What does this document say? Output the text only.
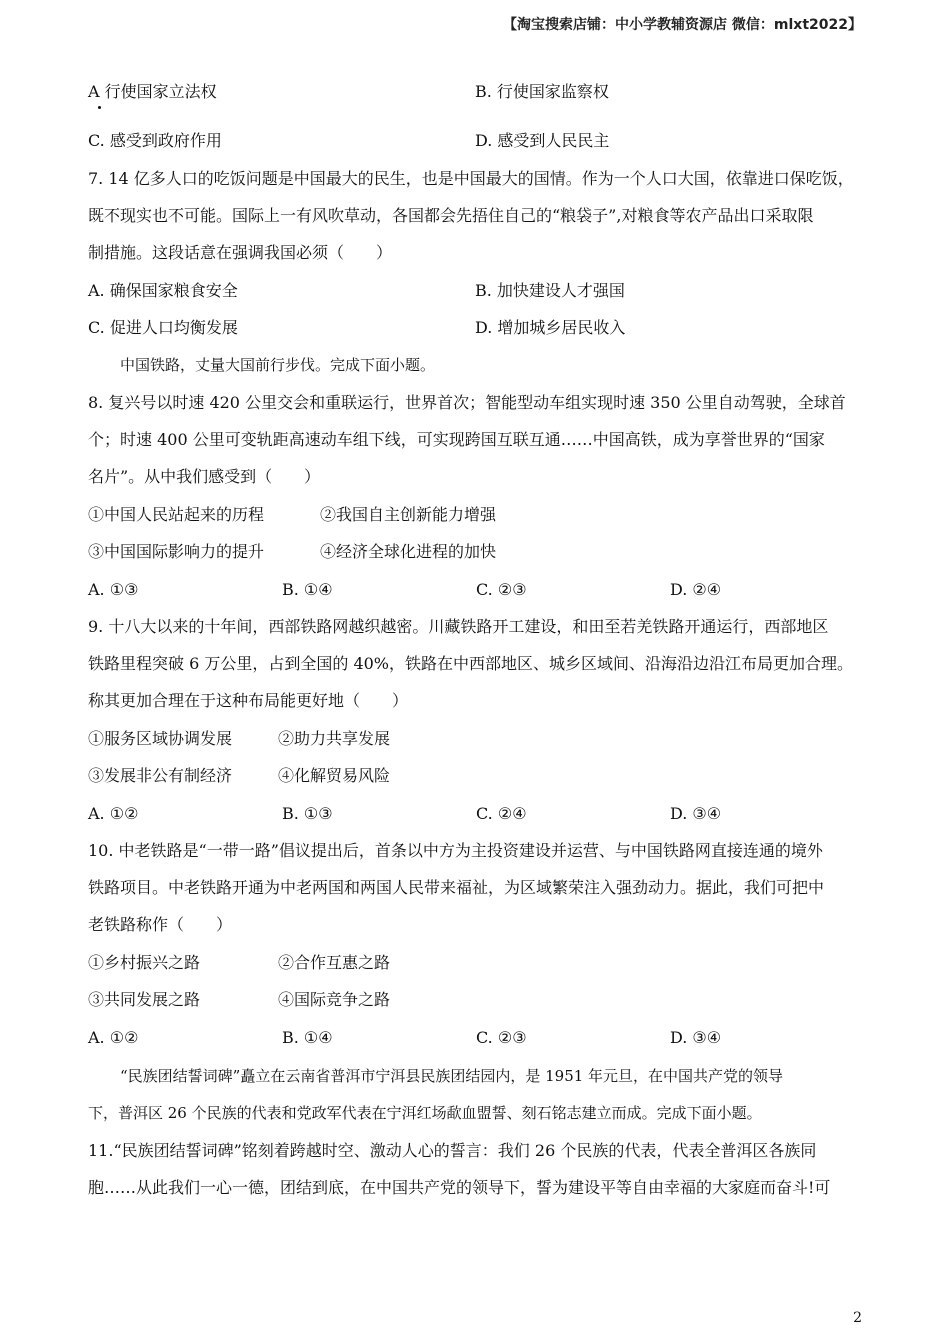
【淘宝搜索店铺：中小学教辅资源店 微信：mlxt2022】
A 行使国家立法权	B. 行使国家监察权
C. 感受到政府作用	D. 感受到人民民主
7. 14 亿多人口的吃饭问题是中国最大的民生，也是中国最大的国情。作为一个人口大国，依靠进口保吃饭，
既不现实也不可能。国际上一有风吹草动，各国都会先捂住自己的“粮袋子”,对粮食等农产品出口采取限
制措施。这段话意在强调我国必须（　　）
A. 确保国家粮食安全	B. 加快建设人才强国
C. 促进人口均衡发展	D. 增加城乡居民收入
中国铁路，丈量大国前行步伐。完成下面小题。
8. 复兴号以时速 420 公里交会和重联运行，世界首次；智能型动车组实现时速 350 公里自动驾驶，全球首
个；时速 400 公里可变轨距高速动车组下线，可实现跨国互联互通……中国高铁，成为享誉世界的“国家
名片”。从中我们感受到（　　）
①中国人民站起来的历程	②我国自主创新能力增强
③中国国际影响力的提升	④经济全球化进程的加快
A. ①③	B. ①④	C. ②③	D. ②④
9. 十八大以来的十年间，西部铁路网越织越密。川藏铁路开工建设，和田至若羌铁路开通运行，西部地区
铁路里程突破 6 万公里，占到全国的 40%，铁路在中西部地区、城乡区域间、沿海沿边沿江布局更加合理。
称其更加合理在于这种布局能更好地（　　）
①服务区域协调发展	②助力共享发展
③发展非公有制经济	④化解贸易风险
A. ①②	B. ①③	C. ②④	D. ③④
10. 中老铁路是“一带一路”倡议提出后，首条以中方为主投资建设并运营、与中国铁路网直接连通的境外
铁路项目。中老铁路开通为中老两国和两国人民带来福祉，为区域繁荣注入强劲动力。据此，我们可把中
老铁路称作（　　）
①乡村振兴之路	②合作互惠之路
③共同发展之路	④国际竞争之路
A. ①②	B. ①④	C. ②③	D. ③④
“民族团结誓词碑”矗立在云南省普洱市宁洱县民族团结园内，是 1951 年元旦，在中国共产党的领导
下，普洱区 26 个民族的代表和党政军代表在宁洱红场歃血盟誓、刻石铭志建立而成。完成下面小题。
11.“民族团结誓词碑”铭刻着跨越时空、激动人心的誓言：我们 26 个民族的代表，代表全普洱区各族同
胞……从此我们一心一德，团结到底，在中国共产党的领导下，誓为建设平等自由幸福的大家庭而奋斗!可
2
